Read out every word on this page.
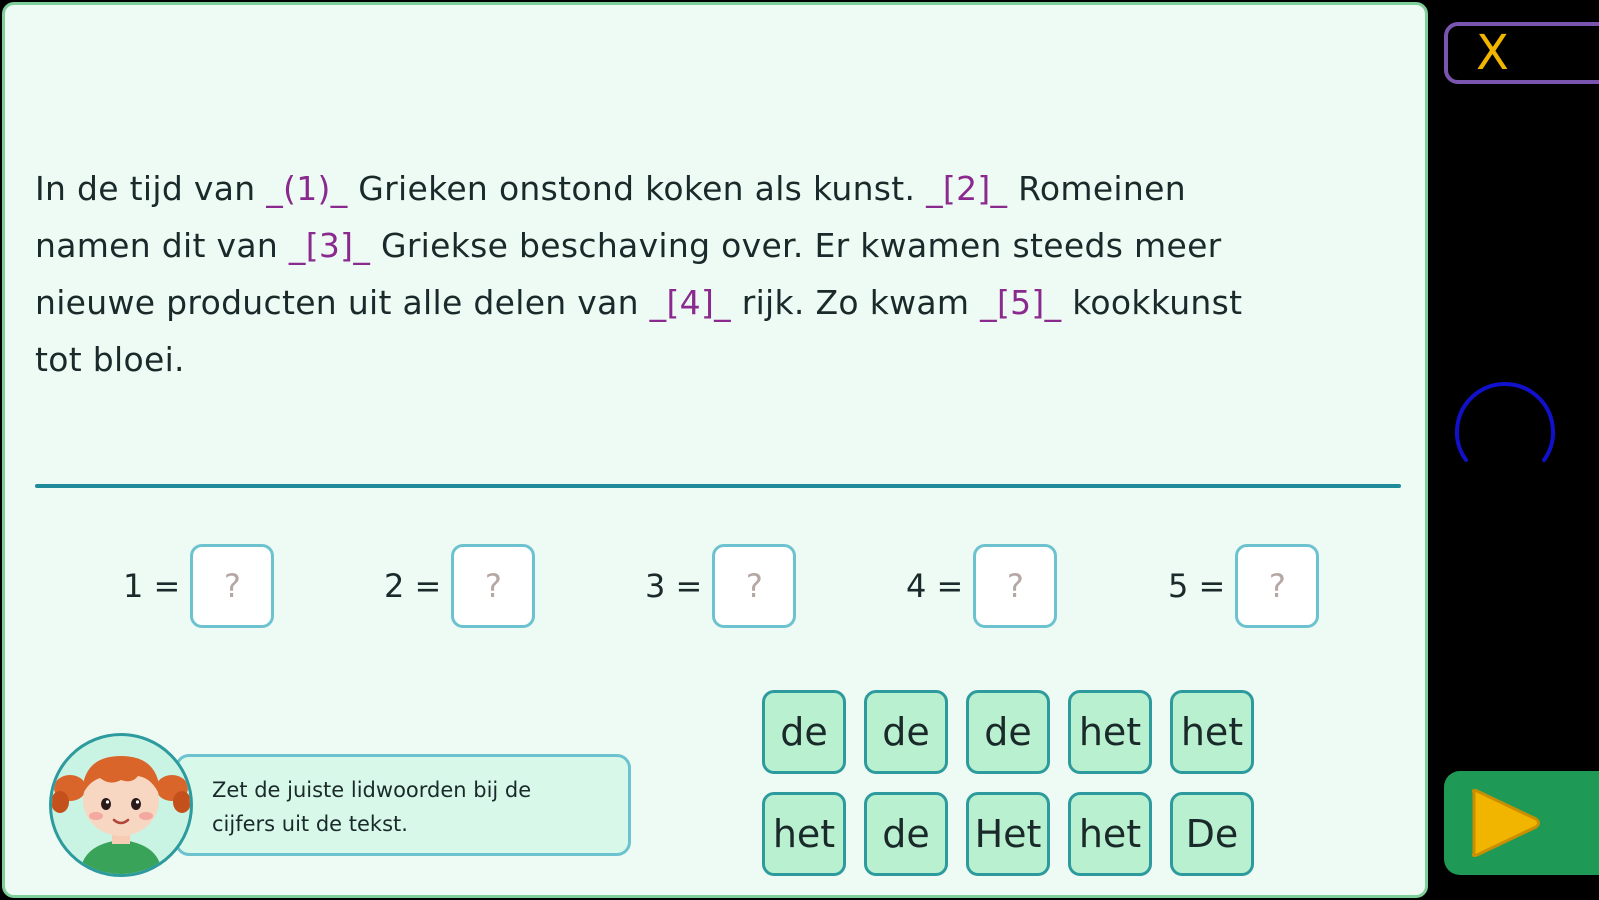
In de tijd van _(1)_ Grieken onstond koken als kunst. _[2]_ Romeinen
namen dit van _[3]_ Griekse beschaving over. Er kwamen steeds meer
nieuwe producten uit alle delen van _[4]_ rijk. Zo kwam _[5]_ kookkunst
tot bloei.
1 =	?	2 =	?	3 =	?	4 =	?	5 =	?
de	de	de	het het
het	de	Het het	De
Zet de juiste lidwoorden bij de
cijfers uit de tekst.
X
